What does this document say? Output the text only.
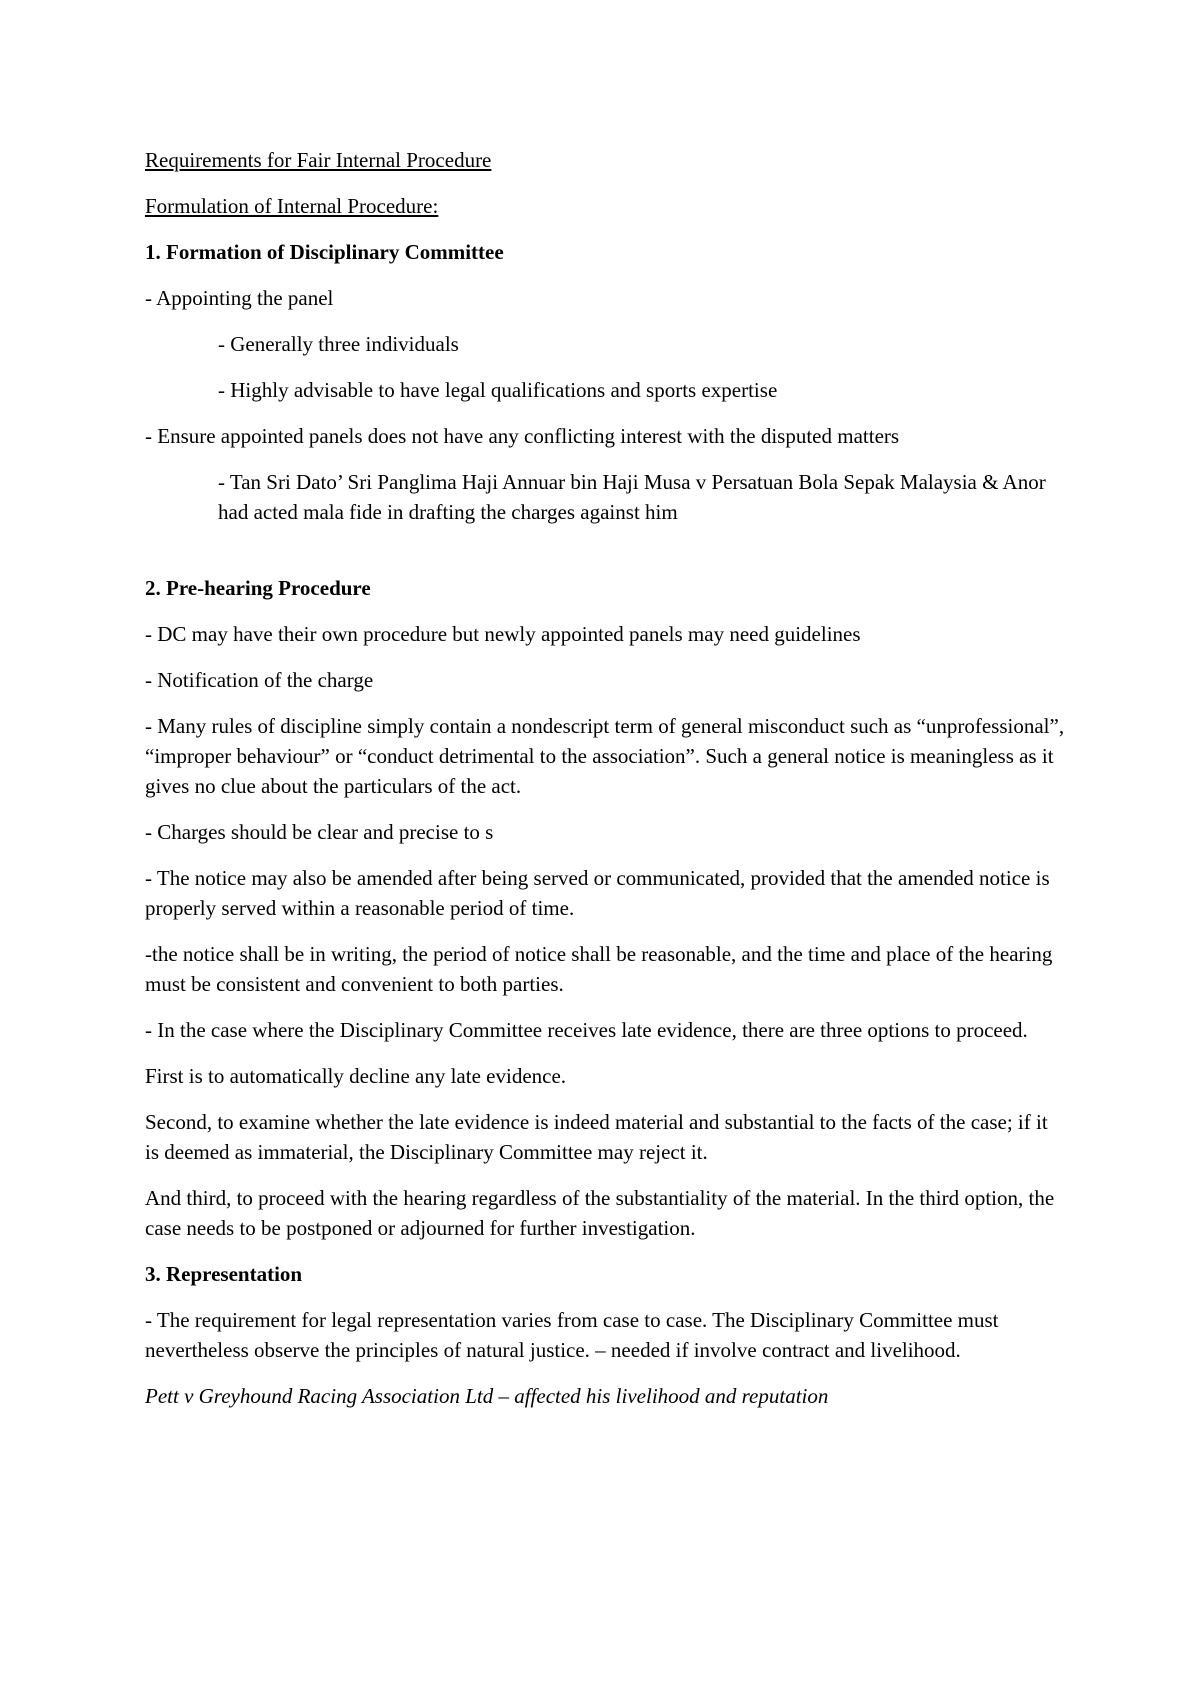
Requirements for Fair Internal Procedure

Formulation of Internal Procedure:

1. Formation of Disciplinary Committee

- Appointing the panel

- Generally three individuals

- Highly advisable to have legal qualifications and sports expertise

- Ensure appointed panels does not have any conflicting interest with the disputed matters

- Tan Sri Dato’ Sri Panglima Haji Annuar bin Haji Musa v Persatuan Bola Sepak Malaysia & Anor had acted mala fide in drafting the charges against him

2. Pre-hearing Procedure

- DC may have their own procedure but newly appointed panels may need guidelines

- Notification of the charge

- Many rules of discipline simply contain a nondescript term of general misconduct such as “unprofessional”, “improper behaviour” or “conduct detrimental to the association”. Such a general notice is meaningless as it gives no clue about the particulars of the act.

- Charges should be clear and precise to s

- The notice may also be amended after being served or communicated, provided that the amended notice is properly served within a reasonable period of time.

-the notice shall be in writing, the period of notice shall be reasonable, and the time and place of the hearing must be consistent and convenient to both parties.

- In the case where the Disciplinary Committee receives late evidence, there are three options to proceed.

First is to automatically decline any late evidence.

Second, to examine whether the late evidence is indeed material and substantial to the facts of the case; if it is deemed as immaterial, the Disciplinary Committee may reject it.

And third, to proceed with the hearing regardless of the substantiality of the material. In the third option, the case needs to be postponed or adjourned for further investigation.

3. Representation

- The requirement for legal representation varies from case to case. The Disciplinary Committee must nevertheless observe the principles of natural justice. – needed if involve contract and livelihood.

Pett v Greyhound Racing Association Ltd – affected his livelihood and reputation
